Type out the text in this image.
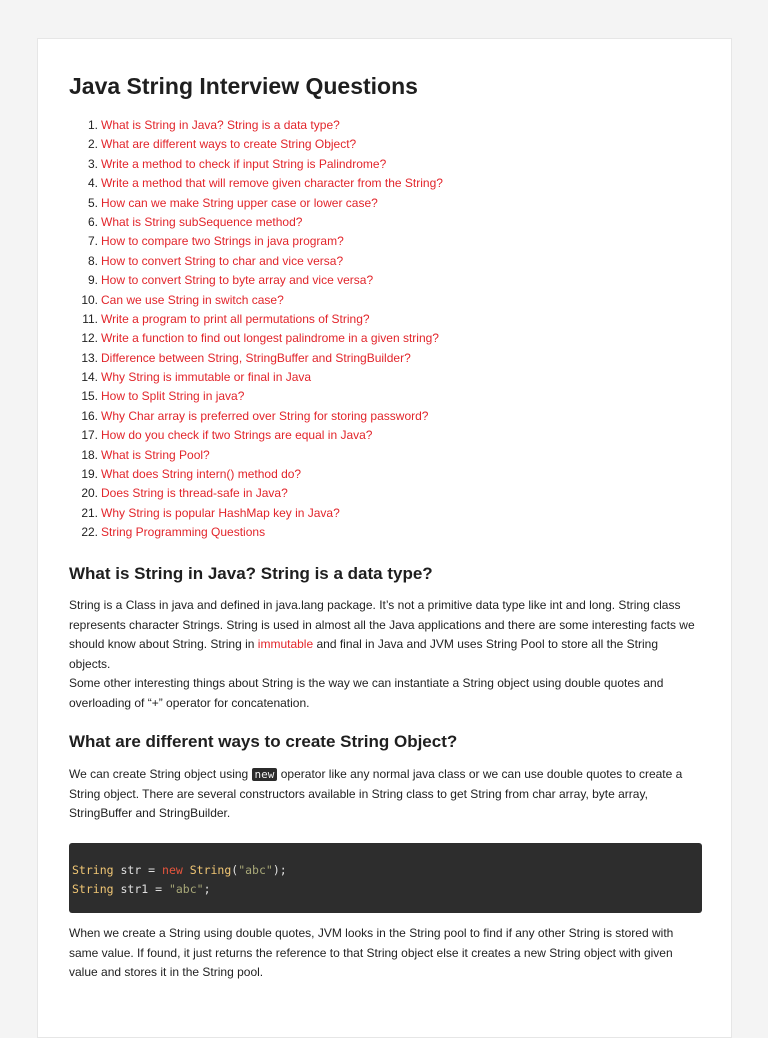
Java String Interview Questions
1. What is String in Java? String is a data type?
2. What are different ways to create String Object?
3. Write a method to check if input String is Palindrome?
4. Write a method that will remove given character from the String?
5. How can we make String upper case or lower case?
6. What is String subSequence method?
7. How to compare two Strings in java program?
8. How to convert String to char and vice versa?
9. How to convert String to byte array and vice versa?
10. Can we use String in switch case?
11. Write a program to print all permutations of String?
12. Write a function to find out longest palindrome in a given string?
13. Difference between String, StringBuffer and StringBuilder?
14. Why String is immutable or final in Java
15. How to Split String in java?
16. Why Char array is preferred over String for storing password?
17. How do you check if two Strings are equal in Java?
18. What is String Pool?
19. What does String intern() method do?
20. Does String is thread-safe in Java?
21. Why String is popular HashMap key in Java?
22. String Programming Questions
What is String in Java? String is a data type?

String is a Class in java and defined in java.lang package. It’s not a primitive data type like int and long. String class represents character Strings. String is used in almost all the Java applications and there are some interesting facts we should know about String. String in immutable and final in Java and JVM uses String Pool to store all the String objects.
Some other interesting things about String is the way we can instantiate a String object using double quotes and overloading of “+” operator for concatenation.

What are different ways to create String Object?

We can create String object using new operator like any normal java class or we can use double quotes to create a String object. There are several constructors available in String class to get String from char array, byte array, StringBuffer and StringBuilder.

String str = new String("abc");
String str1 = "abc";

When we create a String using double quotes, JVM looks in the String pool to find if any other String is stored with same value. If found, it just returns the reference to that String object else it creates a new String object with given value and stores it in the String pool.
